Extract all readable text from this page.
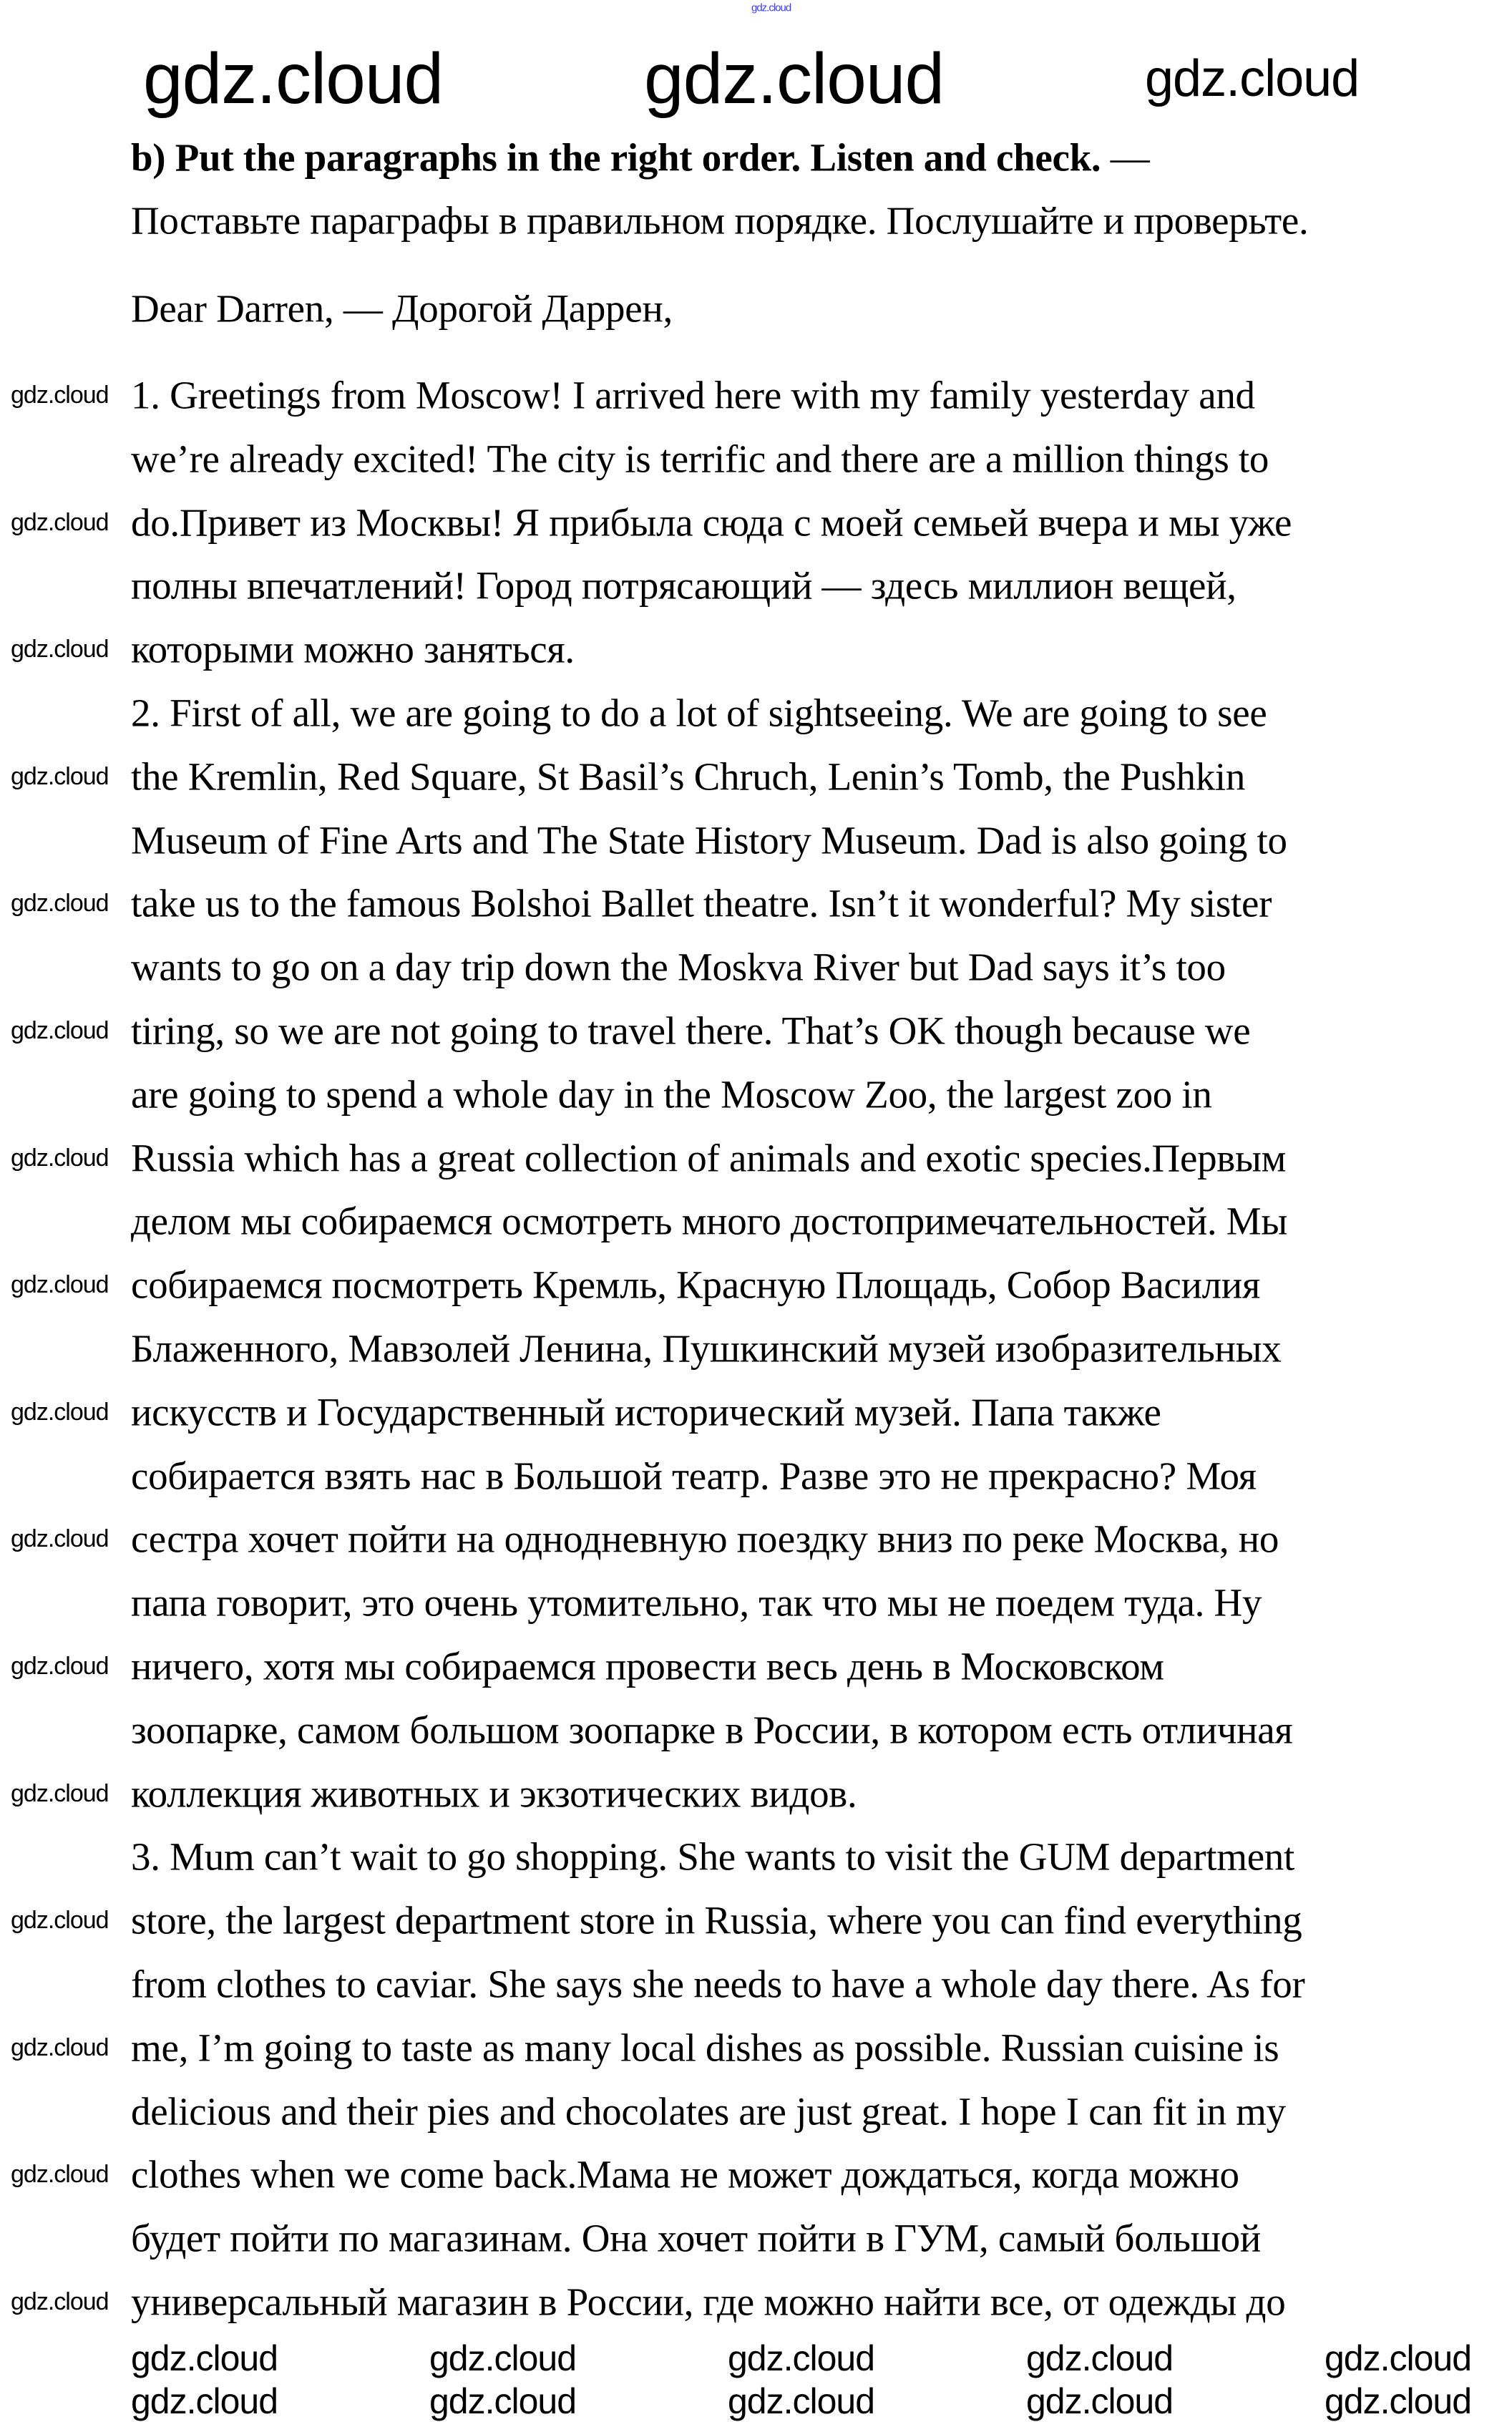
b) Put the paragraphs in the right order. Listen and check. —
Поставьте параграфы в правильном порядке. Послушайте и проверьте.
Dear Darren, — Дорогой Даррен,
1. Greetings from Moscow! I arrived here with my family yesterday and
we’re already excited! The city is terrific and there are a million things to
do.Привет из Москвы! Я прибыла сюда с моей семьей вчера и мы уже
полны впечатлений! Город потрясающий — здесь миллион вещей,
которыми можно заняться.
2. First of all, we are going to do a lot of sightseeing. We are going to see
the Kremlin, Red Square, St Basil’s Chruch, Lenin’s Tomb, the Pushkin
Museum of Fine Arts and The State History Museum. Dad is also going to
take us to the famous Bolshoi Ballet theatre. Isn’t it wonderful? My sister
wants to go on a day trip down the Moskva River but Dad says it’s too
tiring, so we are not going to travel there. That’s OK though because we
are going to spend a whole day in the Moscow Zoo, the largest zoo in
Russia which has a great collection of animals and exotic species.Первым
делом мы собираемся осмотреть много достопримечательностей. Мы
собираемся посмотреть Кремль, Красную Площадь, Собор Василия
Блаженного, Мавзолей Ленина, Пушкинский музей изобразительных
искусств и Государственный исторический музей. Папа также
собирается взять нас в Большой театр. Разве это не прекрасно? Моя
сестра хочет пойти на однодневную поездку вниз по реке Москва, но
папа говорит, это очень утомительно, так что мы не поедем туда. Ну
ничего, хотя мы собираемся провести весь день в Московском
зоопарке, самом большом зоопарке в России, в котором есть отличная
коллекция животных и экзотических видов.
3. Mum can’t wait to go shopping. She wants to visit the GUM department
store, the largest department store in Russia, where you can find everything
from clothes to caviar. She says she needs to have a whole day there. As for
me, I’m going to taste as many local dishes as possible. Russian cuisine is
delicious and their pies and chocolates are just great. I hope I can fit in my
clothes when we come back.Мама не может дождаться, когда можно
будет пойти по магазинам. Она хочет пойти в ГУМ, самый большой
универсальный магазин в России, где можно найти все, от одежды до
gdz.cloud
gdz.cloud	gdz.cloud	gdz.cloud
gdz.cloud
gdz.cloud
gdz.cloud
gdz.cloud
gdz.cloud
gdz.cloud
gdz.cloud
gdz.cloud
gdz.cloud
gdz.cloud
gdz.cloud
gdz.cloud
gdz.cloud
gdz.cloud
gdz.cloud
gdz.cloud
gdz.cloud	gdz.cloud	gdz.cloud	gdz.cloud	gdz.cloud
gdz.cloud	gdz.cloud	gdz.cloud	gdz.cloud	gdz.cloud
